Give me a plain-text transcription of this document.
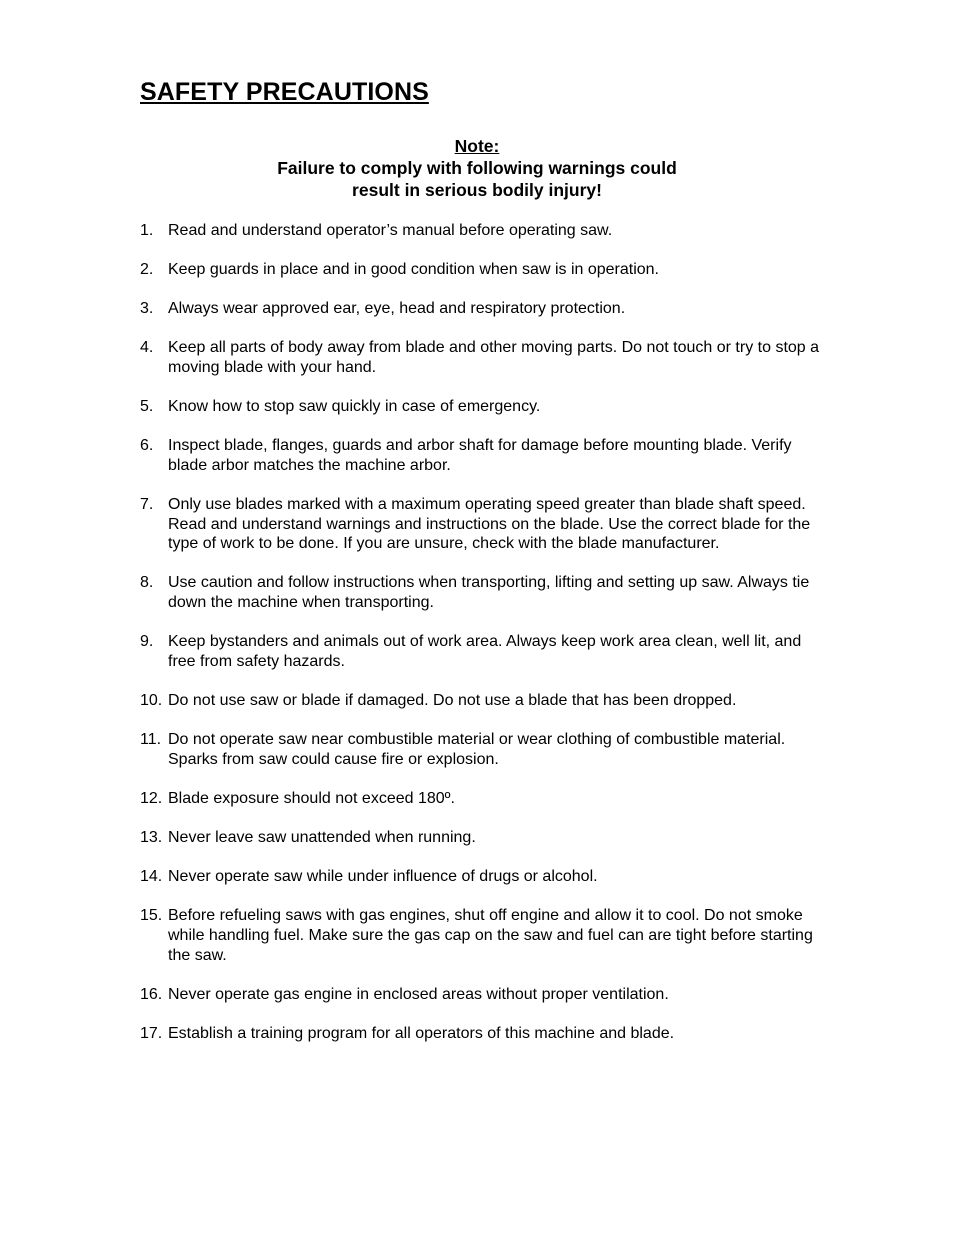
SAFETY PRECAUTIONS
Note:
Failure to comply with following warnings could
result in serious bodily injury!
1. Read and understand operator’s manual before operating saw.
2. Keep guards in place and in good condition when saw is in operation.
3. Always wear approved ear, eye, head and respiratory protection.
4. Keep all parts of body away from blade and other moving parts. Do not touch or try to stop a moving blade with your hand.
5. Know how to stop saw quickly in case of emergency.
6. Inspect blade, flanges, guards and arbor shaft for damage before mounting blade. Verify blade arbor matches the machine arbor.
7. Only use blades marked with a maximum operating speed greater than blade shaft speed. Read and understand warnings and instructions on the blade. Use the correct blade for the type of work to be done. If you are unsure, check with the blade manufacturer.
8. Use caution and follow instructions when transporting, lifting and setting up saw. Always tie down the machine when transporting.
9. Keep bystanders and animals out of work area. Always keep work area clean, well lit, and free from safety hazards.
10. Do not use saw or blade if damaged. Do not use a blade that has been dropped.
11. Do not operate saw near combustible material or wear clothing of combustible material. Sparks from saw could cause fire or explosion.
12. Blade exposure should not exceed 180º.
13. Never leave saw unattended when running.
14. Never operate saw while under influence of drugs or alcohol.
15. Before refueling saws with gas engines, shut off engine and allow it to cool. Do not smoke while handling fuel. Make sure the gas cap on the saw and fuel can are tight before starting the saw.
16. Never operate gas engine in enclosed areas without proper ventilation.
17. Establish a training program for all operators of this machine and blade.
